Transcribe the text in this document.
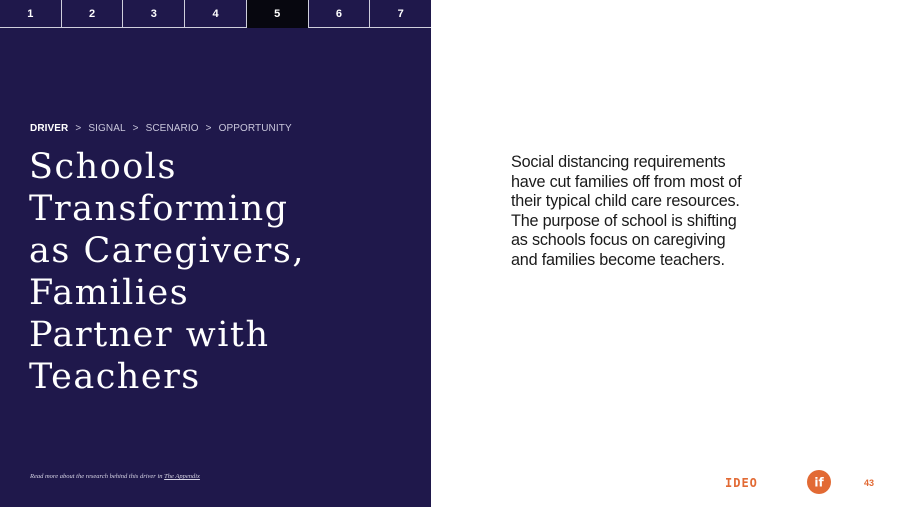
1	2	3	4	5	6	7
DRIVER > SIGNAL > SCENARIO > OPPORTUNITY
Schools
Transforming
as Caregivers,
Families
Partner with
Teachers
Read more about the research behind this driver in The Appendix

Social distancing requirements
have cut families off from most of
their typical child care resources.
The purpose of school is shifting
as schools focus on caregiving
and families become teachers.

IDEO	if	43
